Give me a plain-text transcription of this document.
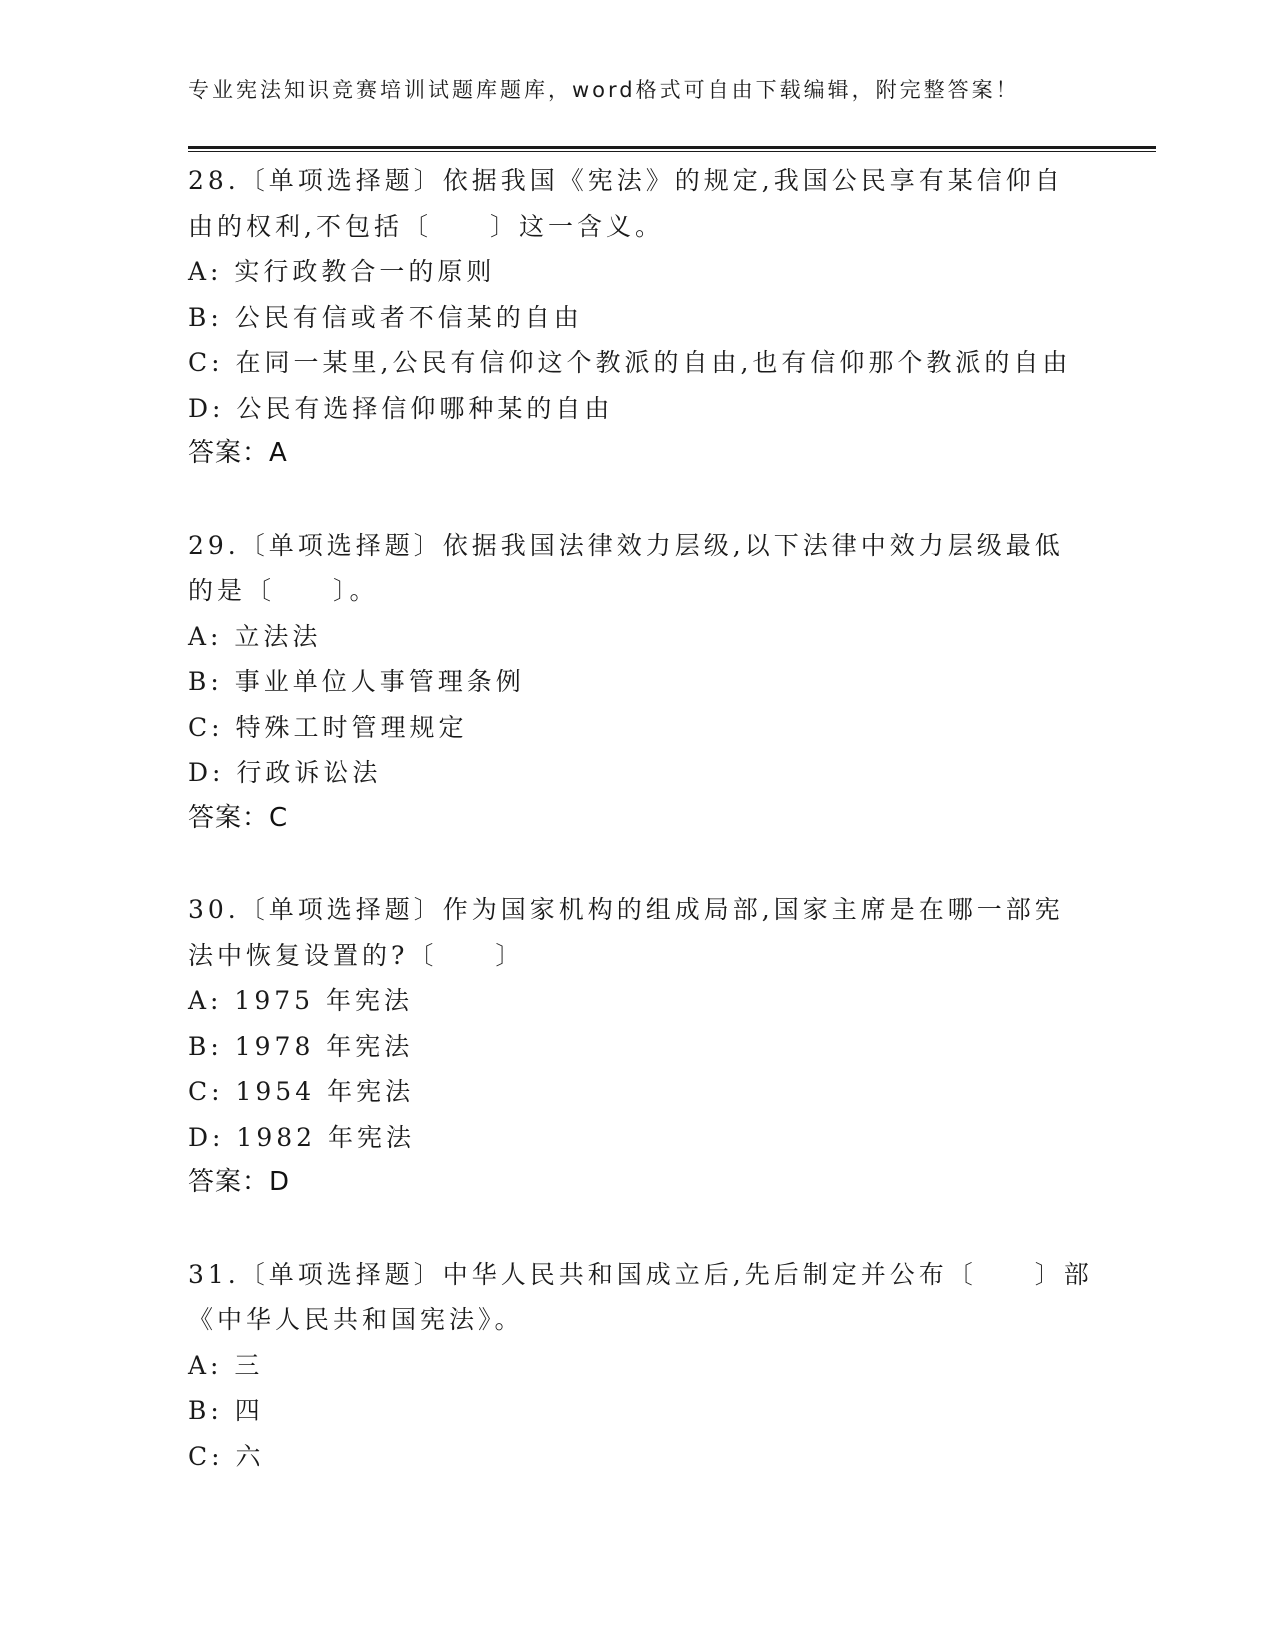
专业宪法知识竞赛培训试题库题库，word格式可自由下载编辑，附完整答案！
28.〔单项选择题〕依据我国《宪法》的规定,我国公民享有某信仰自
由的权利,不包括〔　　〕这一含义。
A: 实行政教合一的原则
B: 公民有信或者不信某的自由
C: 在同一某里,公民有信仰这个教派的自由,也有信仰那个教派的自由
D: 公民有选择信仰哪种某的自由
答案：A
29.〔单项选择题〕依据我国法律效力层级,以下法律中效力层级最低
的是〔　　〕。
A: 立法法
B: 事业单位人事管理条例
C: 特殊工时管理规定
D: 行政诉讼法
答案：C
30.〔单项选择题〕作为国家机构的组成局部,国家主席是在哪一部宪
法中恢复设置的?〔　　〕
A: 1975 年宪法
B: 1978 年宪法
C: 1954 年宪法
D: 1982 年宪法
答案：D
31.〔单项选择题〕中华人民共和国成立后,先后制定并公布〔　　〕部
《中华人民共和国宪法》。
A: 三
B: 四
C: 六
